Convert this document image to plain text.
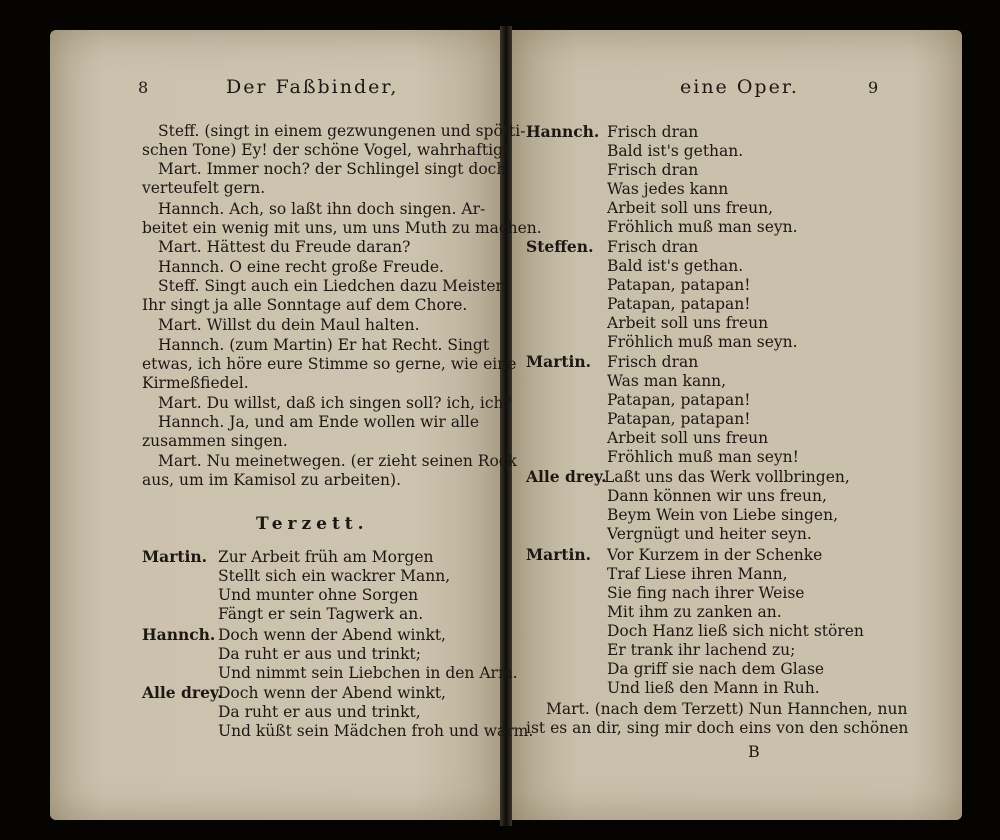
8	Der Faßbinder,
Steff. (singt in einem gezwungenen und spötti-
schen Tone) Ey! der schöne Vogel, wahrhaftig!
Mart. Immer noch? der Schlingel singt doch
verteufelt gern.
Hannch. Ach, so laßt ihn doch singen. Ar-
beitet ein wenig mit uns, um uns Muth zu machen.
Mart. Hättest du Freude daran?
Hannch. O eine recht große Freude.
Steff. Singt auch ein Liedchen dazu Meister.
Ihr singt ja alle Sonntage auf dem Chore.
Mart. Willst du dein Maul halten.
Hannch. (zum Martin) Er hat Recht. Singt
etwas, ich höre eure Stimme so gerne, wie eine
Kirmeßfiedel.
Mart. Du willst, daß ich singen soll? ich, ich?
Hannch. Ja, und am Ende wollen wir alle
zusammen singen.
Mart. Nu meinetwegen. (er zieht seinen Rock
aus, um im Kamisol zu arbeiten).
Terzett.
Martin. Zur Arbeit früh am Morgen
Stellt sich ein wackrer Mann,
Und munter ohne Sorgen
Fängt er sein Tagwerk an.
Hannch. Doch wenn der Abend winkt,
Da ruht er aus und trinkt;
Und nimmt sein Liebchen in den Arm.
Alle drey.
Doch wenn der Abend winkt,
Da ruht er aus und trinkt,
Und küßt sein Mädchen froh und warm.
eine Oper.	9
Hannch. Frisch dran
Bald ist's gethan.
Frisch dran
Was jedes kann
Arbeit soll uns freun,
Fröhlich muß man seyn.
Steffen. Frisch dran
Bald ist's gethan.
Patapan, patapan!
Patapan, patapan!
Arbeit soll uns freun
Fröhlich muß man seyn.
Martin. Frisch dran
Was man kann,
Patapan, patapan!
Patapan, patapan!
Arbeit soll uns freun
Fröhlich muß man seyn!
Alle drey.
Laßt uns das Werk vollbringen,
Dann können wir uns freun,
Beym Wein von Liebe singen,
Vergnügt und heiter seyn.
Martin. Vor Kurzem in der Schenke
Traf Liese ihren Mann,
Sie fing nach ihrer Weise
Mit ihm zu zanken an.
Doch Hanz ließ sich nicht stören
Er trank ihr lachend zu;
Da griff sie nach dem Glase
Und ließ den Mann in Ruh.
Mart. (nach dem Terzett) Nun Hannchen, nun
ist es an dir, sing mir doch eins von den schönen
B
